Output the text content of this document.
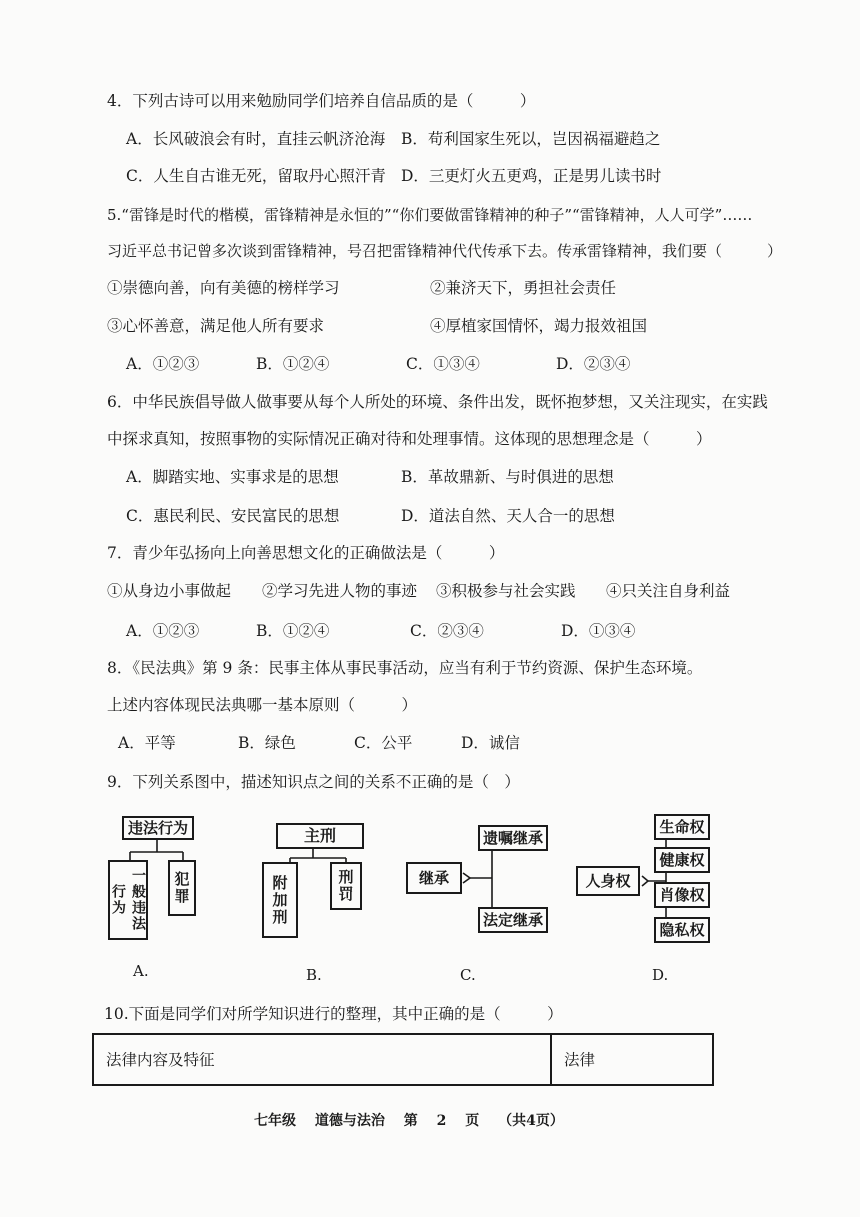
4．下列古诗可以用来勉励同学们培养自信品质的是（　　　）
A．长风破浪会有时，直挂云帆济沧海 B．苟利国家生死以，岂因祸福避趋之
C．人生自古谁无死，留取丹心照汗青 D．三更灯火五更鸡，正是男儿读书时
5.“雷锋是时代的楷模，雷锋精神是永恒的”“你们要做雷锋精神的种子”“雷锋精神，人人可学”……
习近平总书记曾多次谈到雷锋精神，号召把雷锋精神代代传承下去。传承雷锋精神，我们要（　　　）
①崇德向善，向有美德的榜样学习	②兼济天下，勇担社会责任
③心怀善意，满足他人所有要求	④厚植家国情怀，竭力报效祖国
A．①②③	B．①②④	C．①③④	D．②③④
6．中华民族倡导做人做事要从每个人所处的环境、条件出发，既怀抱梦想，又关注现实，在实践
中探求真知，按照事物的实际情况正确对待和处理事情。这体现的思想理念是（　　　）
A．脚踏实地、实事求是的思想	B．革故鼎新、与时俱进的思想
C．惠民利民、安民富民的思想	D．道法自然、天人合一的思想
7．青少年弘扬向上向善思想文化的正确做法是（　　　）
①从身边小事做起 ②学习先进人物的事迹 ③积极参与社会实践 ④只关注自身利益
A．①②③	B．①②④	C．②③④	D．①③④
8．《民法典》第 9 条：民事主体从事民事活动，应当有利于节约资源、保护生态环境。
上述内容体现民法典哪一基本原则（　　　）
A．平等	B．绿色	C．公平	D．诚信
9．下列关系图中，描述知识点之间的关系不正确的是（　）
违法行为
一般违法行为	犯罪
A.
主刑
附加刑	刑罚
B.
继承
遗嘱继承
法定继承
C.
人身权
生命权
健康权
肖像权
隐私权
D.
10.下面是同学们对所学知识进行的整理，其中正确的是（　　　）
法律内容及特征	法律
七年级 道德与法治 第 2 页 （共4页）
